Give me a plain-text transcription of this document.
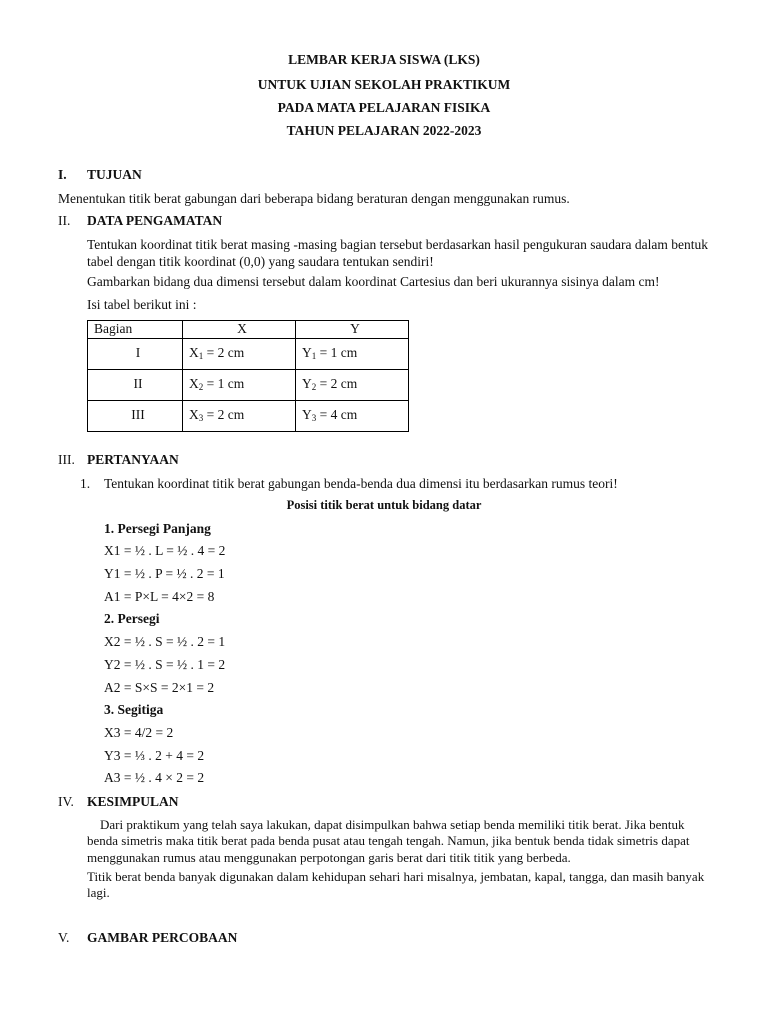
LEMBAR KERJA SISWA (LKS)
UNTUK UJIAN SEKOLAH PRAKTIKUM
PADA MATA PELAJARAN FISIKA
TAHUN PELAJARAN 2022-2023
I. TUJUAN
Menentukan titik berat gabungan dari beberapa bidang beraturan dengan menggunakan rumus.
II. DATA PENGAMATAN
Tentukan koordinat titik berat masing -masing bagian tersebut berdasarkan hasil pengukuran saudara dalam bentuk tabel dengan titik koordinat (0,0) yang saudara tentukan sendiri!
Gambarkan bidang dua dimensi tersebut dalam koordinat Cartesius dan beri ukurannya sisinya dalam cm!
Isi tabel berikut ini :
Bagian	X	Y
I	$X_1 = 2$ cm	$Y_1 = 1$ cm
II	$X_2 = 1$ cm	$Y_2 = 2$ cm
III	$X_3 = 2$ cm	$Y_3 = 4$ cm
III. PERTANYAAN
1. Tentukan koordinat titik berat gabungan benda-benda dua dimensi itu berdasarkan rumus teori!
Posisi titik berat untuk bidang datar
1. Persegi Panjang
X1 = ½ . L = ½ . 4 = 2
Y1 = ½ . P = ½ . 2 = 1
A1 = P×L = 4×2 = 8
2. Persegi
X2 = ½ . S = ½ . 2 = 1
Y2 = ½ . S = ½ . 1 = 2
A2 = S×S = 2×1 = 2
3. Segitiga
X3 = 4/2 = 2
Y3 = ⅓ . 2 + 4 = 2
A3 = ½ . 4 × 2 = 2
IV. KESIMPULAN
Dari praktikum yang telah saya lakukan, dapat disimpulkan bahwa setiap benda memiliki titik berat. Jika bentuk benda simetris maka titik berat pada benda pusat atau tengah tengah. Namun, jika bentuk benda tidak simetris dapat menggunakan rumus atau menggunakan perpotongan garis berat dari titik titik yang berbeda.
Titik berat benda banyak digunakan dalam kehidupan sehari hari misalnya, jembatan, kapal, tangga, dan masih banyak lagi.
V. GAMBAR PERCOBAAN
